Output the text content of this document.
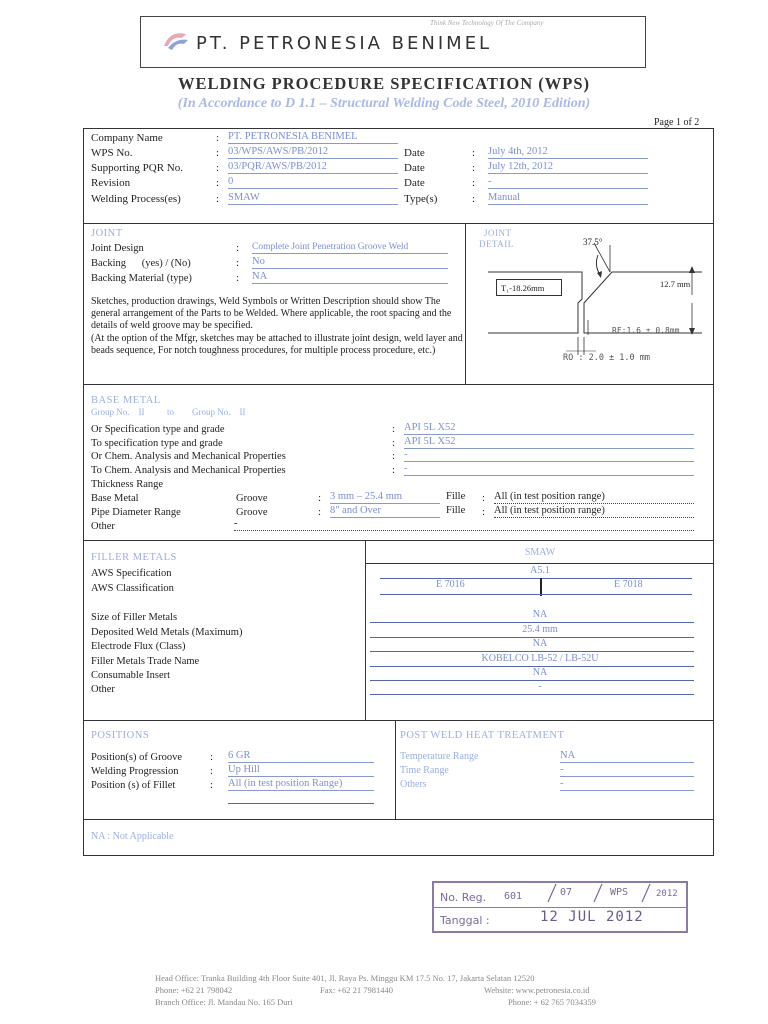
Think New Technology Of The Company
PT. PETRONESIA BENIMEL
WELDING PROCEDURE SPECIFICATION (WPS)
(In Accordance to D 1.1 – Structural Welding Code Steel, 2010 Edition)
Page 1 of 2
Company Name	: PT. PETRONESIA BENIMEL
WPS No.	: 03/WPS/AWS/PB/2012	Date	: July 4th, 2012
Supporting PQR No.	: 03/PQR/AWS/PB/2012	Date	: July 12th, 2012
Revision	: 0	Date	: -
Welding Process(es)	: SMAW	Type(s)	: Manual
JOINT
Joint Design	: Complete Joint Penetration Groove Weld
Backing      (yes) / (No)	: No
Backing Material (type)	: NA
Sketches, production drawings, Weld Symbols or Written Description should show The general arrangement of the Parts to be Welded. Where applicable, the root spacing and the details of weld groove may be specified.
(At the option of the Mfgr, sketches may be attached to illustrate joint design, weld layer and beads sequence, For notch toughness procedures, for multiple process procedure, etc.)
JOINT
DETAIL	37.5°
T₁-18.26mm	12.7 mm
RF:1.6 ± 0.8mm
RO : 2.0 ± 1.0 mm
BASE METAL
Group No.    II          to        Group No.    II
Or Specification type and grade	: API 5L X52
To specification type and grade	: API 5L X52
Or Chem. Analysis and Mechanical Properties	: -
To Chem. Analysis and Mechanical Properties	: -
Thickness Range
Base Metal	Groove	: 3 mm – 25.4 mm	Fille : All (in test position range)
Pipe Diameter Range	Groove	: 8" and Over	Fille : All (in test position range)
Other	-
FILLER METALS	SMAW
AWS Specification	A5.1
AWS Classification	E 7016	E 7018
Size of Filler Metals	NA
Deposited Weld Metals (Maximum)	25.4 mm
Electrode Flux (Class)	NA
Filler Metals Trade Name	KOBELCO LB-52 / LB-52U
Consumable Insert	NA
Other	-
POSITIONS
Position(s) of Groove	: 6 GR
Welding Progression	: Up Hill
Position (s) of Fillet	: All (in test position Range)
POST WELD HEAT TREATMENT
Temperature Range	NA
Time Range	-
Others	-
NA : Not Applicable
No. Reg. 601	07	WPS	2012
Tanggal :	12 JUL 2012
Head Office: Tranka Building 4th Floor Suite 401, Jl. Raya Ps. Minggu KM 17.5 No. 17, Jakarta Selatan 12520
Phone: +62 21 798042	Fax: +62 21 7981440	Website: www.petronesia.co.id
Branch Office: Jl. Mandau No. 165 Duri	Phone: + 62 765 7034359
